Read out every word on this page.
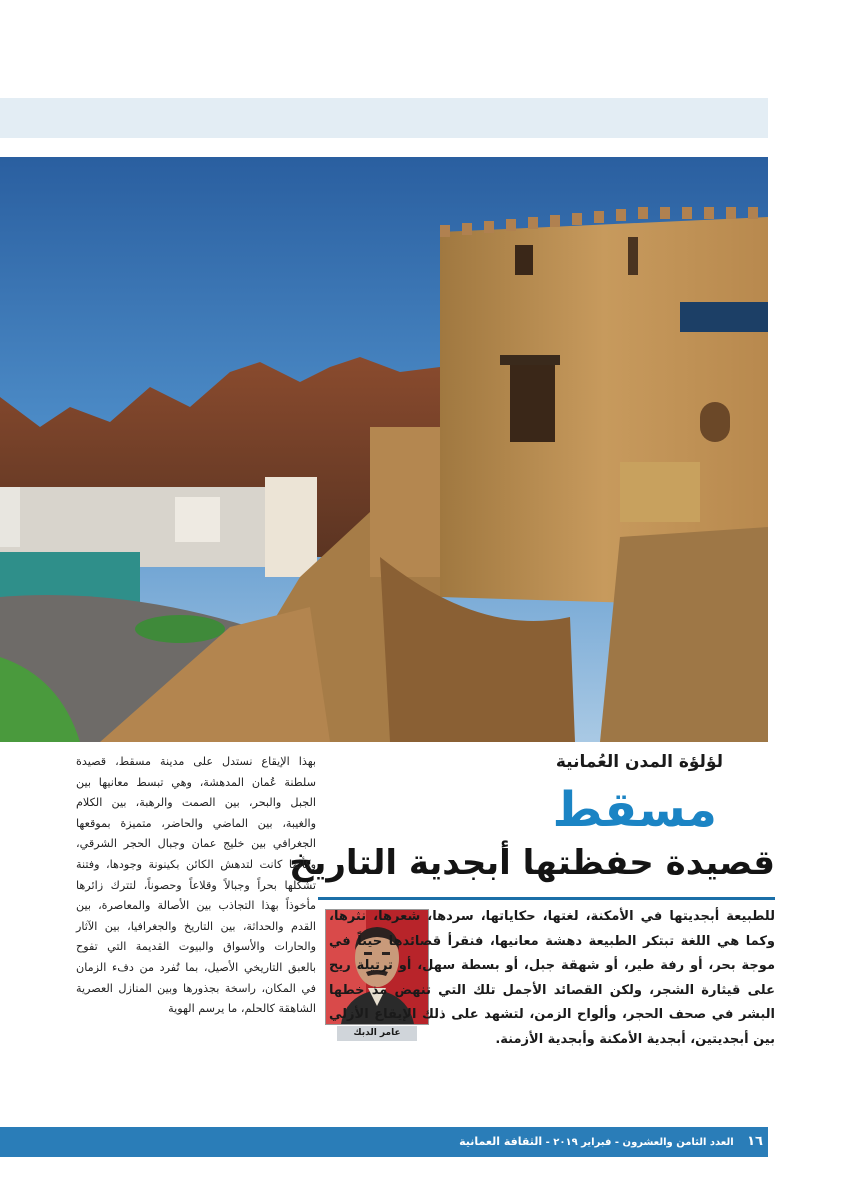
لؤلؤة المدن العُمانية
مسقط
قصيدة حفظتها أبجدية التاريخ
عامر الدبك

للطبيعة أبجديتها في الأمكنة، لغتها، حكاياتها، سردها، شعرها، نثرها، وكما هي اللغة تبتكر الطبيعة دهشة معانيها، فنقرأ قصائدها حيناً في موجة بحر، أو رفة طير، أو شهقة جبل، أو بسطة سهل، أو ترتيلة ريح على قيثارة الشجر، ولكن القصائد الأجمل تلك التي تنهض مذ خطها البشر في صحف الحجر، وألواح الزمن، لتشهد على ذلك الإيقاع الأزلي بين أبجديتين، أبجدية الأمكنة وأبجدية الأزمنة.

بهذا الإيقاع نستدل على مدينة مسقط، قصيدة سلطنة عُمان المدهشة، وهي تبسط معانيها بين الجبل والبحر، بين الصمت والرهبة، بين الكلام والغيبة، بين الماضي والحاضر، متميزة بموقعها الجغرافي بين خليج عمان وجبال الحجر الشرقي، وكأنما كانت لتدهش الكائن بكينونة وجودها، وفتنة تشكلها بحراً وجبالاً وقلاعاً وحصوناً، لتترك زائرها مأخوذاً بهذا التجاذب بين الأصالة والمعاصرة، بين القدم والحداثة، بين التاريخ والجغرافيا، بين الآثار والحارات والأسواق والبيوت القديمة التي تفوح بالعبق التاريخي الأصيل، بما تُفرد من دفء الزمان في المكان، راسخة بجذورها وبين المنازل العصرية الشاهقة كالحلم، ما يرسم الهوية

١٦ العدد الثامن والعشرون - فبراير ٢٠١٩ - الثقافة العمانية
